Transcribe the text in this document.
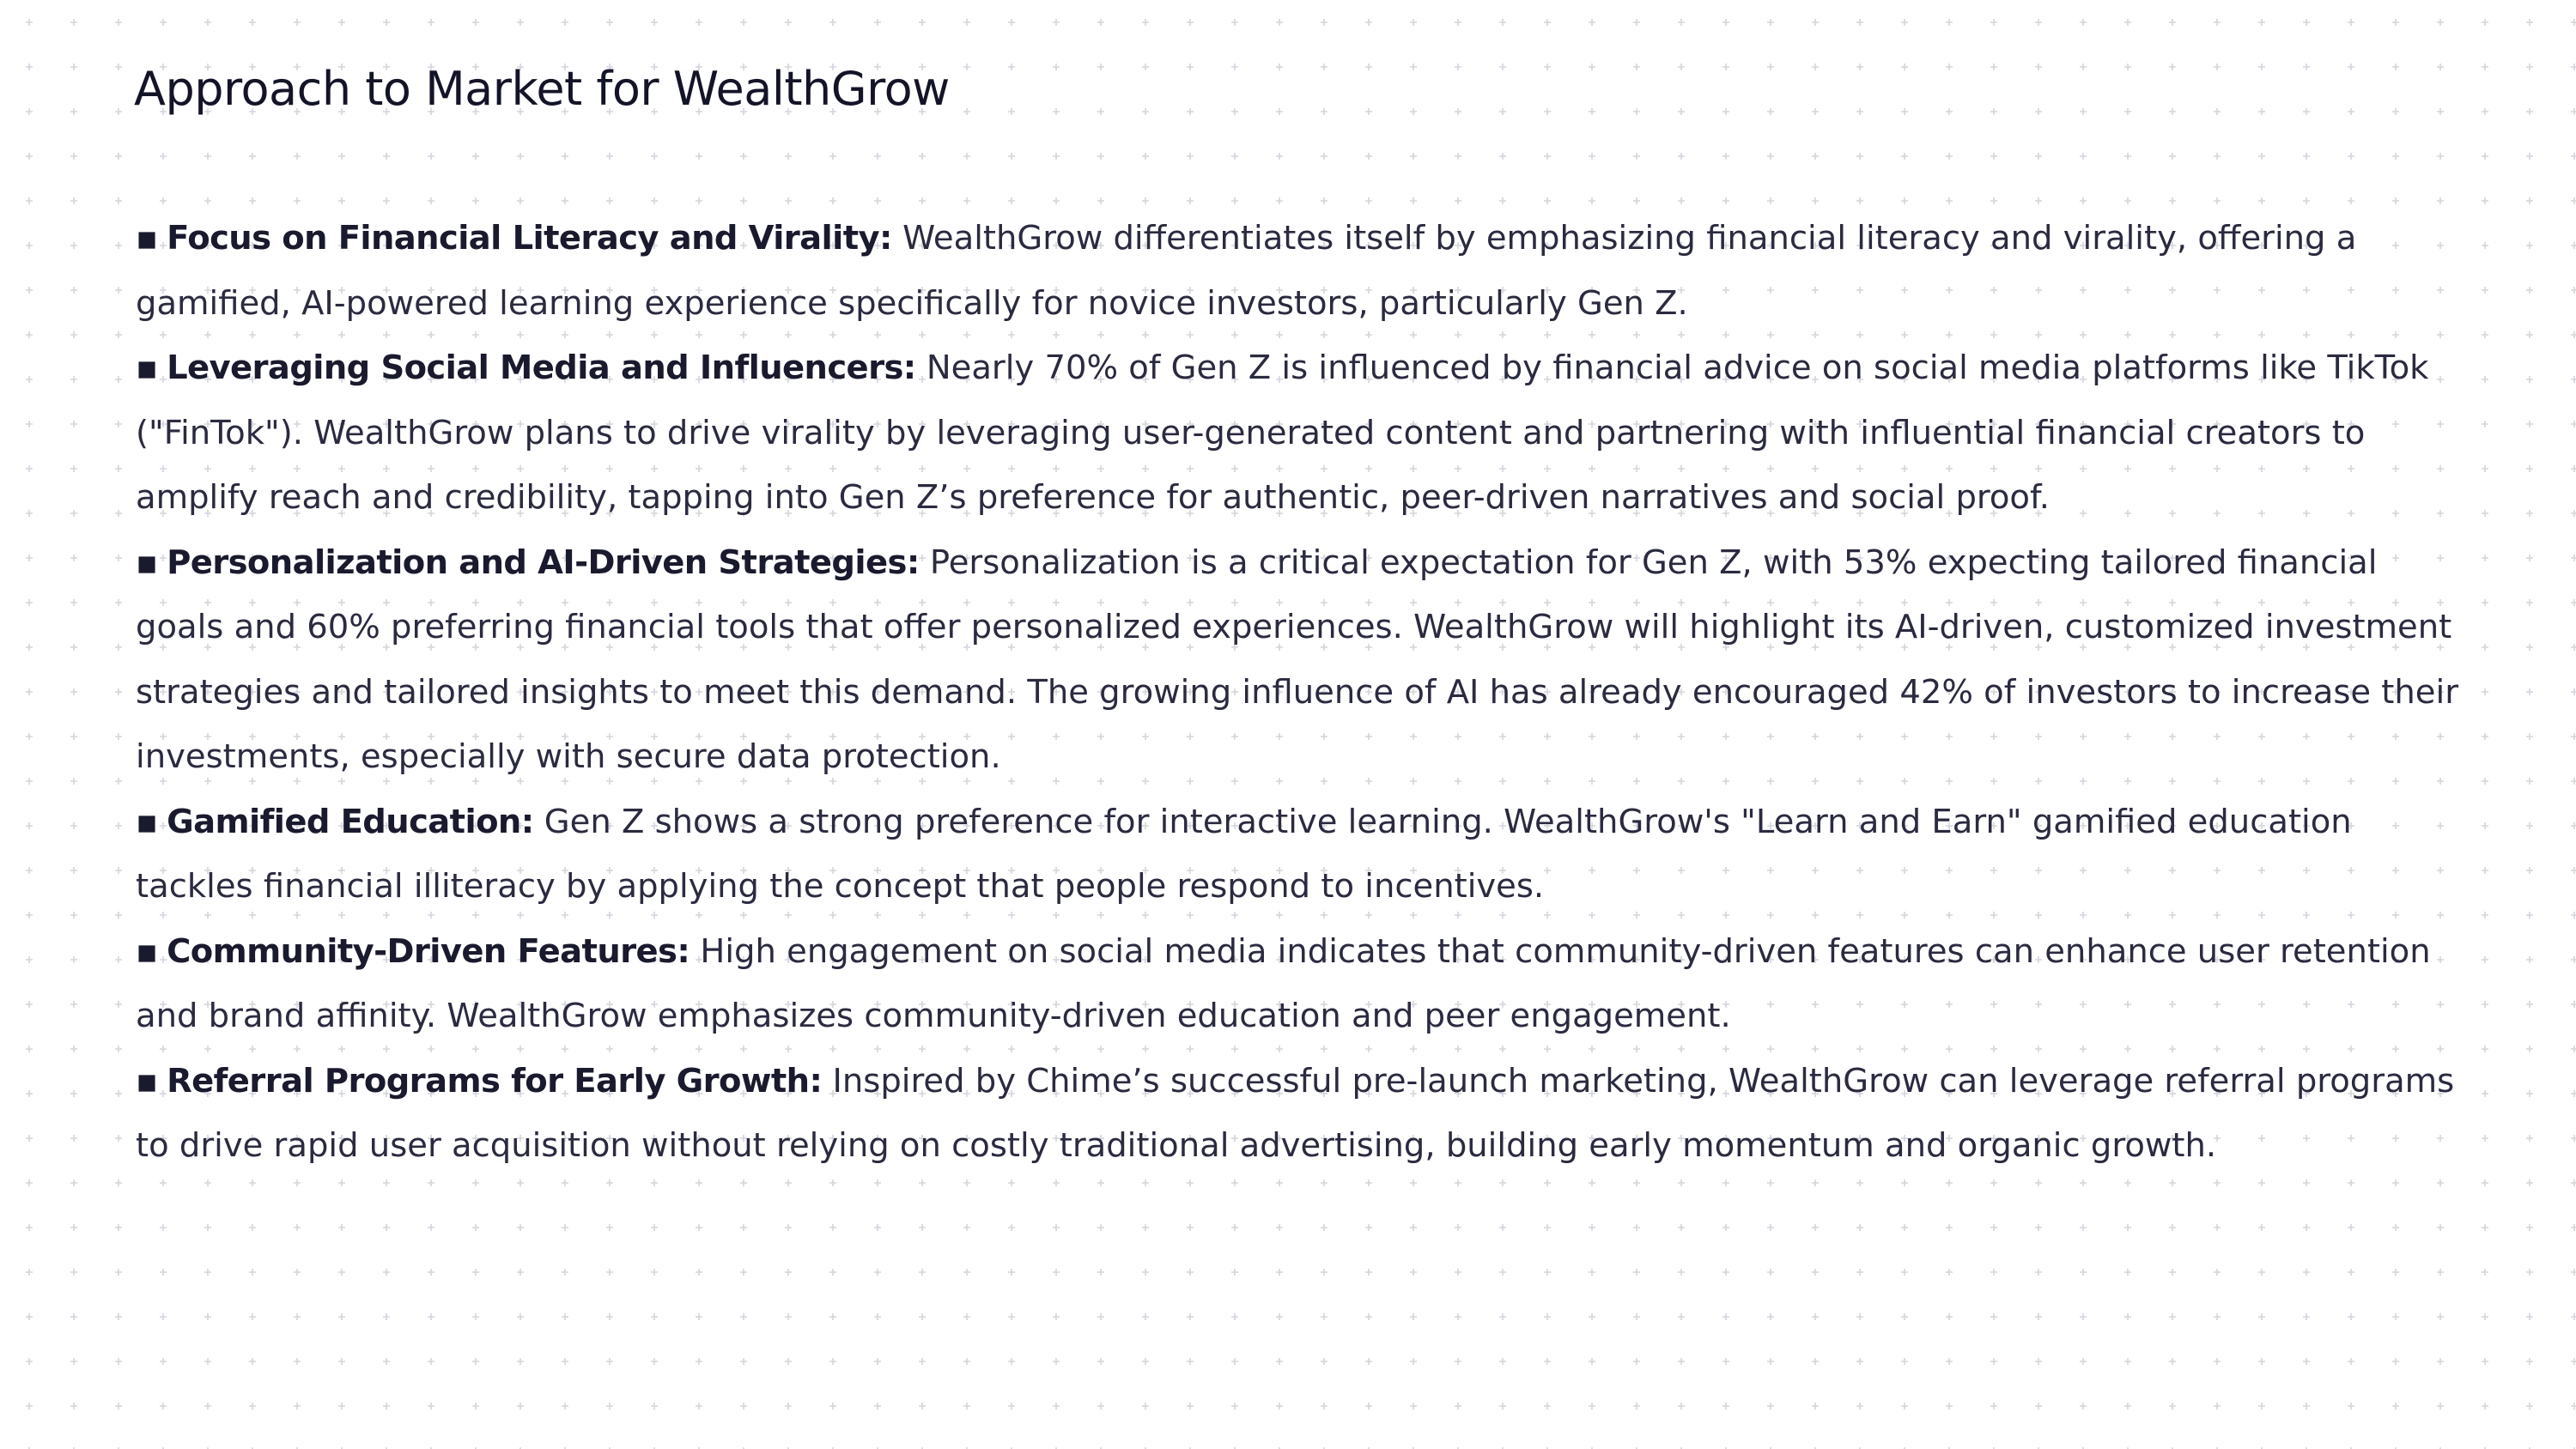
Approach to Market for WealthGrow
▪ Focus on Financial Literacy and Virality: WealthGrow differentiates itself by emphasizing financial literacy and virality, offering a gamified, AI-powered learning experience specifically for novice investors, particularly Gen Z.
▪ Leveraging Social Media and Influencers: Nearly 70% of Gen Z is influenced by financial advice on social media platforms like TikTok ("FinTok"). WealthGrow plans to drive virality by leveraging user-generated content and partnering with influential financial creators to amplify reach and credibility, tapping into Gen Z’s preference for authentic, peer-driven narratives and social proof.
▪ Personalization and AI-Driven Strategies: Personalization is a critical expectation for Gen Z, with 53% expecting tailored financial goals and 60% preferring financial tools that offer personalized experiences. WealthGrow will highlight its AI-driven, customized investment strategies and tailored insights to meet this demand. The growing influence of AI has already encouraged 42% of investors to increase their investments, especially with secure data protection.
▪ Gamified Education: Gen Z shows a strong preference for interactive learning. WealthGrow's "Learn and Earn" gamified education tackles financial illiteracy by applying the concept that people respond to incentives.
▪ Community-Driven Features: High engagement on social media indicates that community-driven features can enhance user retention and brand affinity. WealthGrow emphasizes community-driven education and peer engagement.
▪ Referral Programs for Early Growth: Inspired by Chime’s successful pre-launch marketing, WealthGrow can leverage referral programs to drive rapid user acquisition without relying on costly traditional advertising, building early momentum and organic growth.
